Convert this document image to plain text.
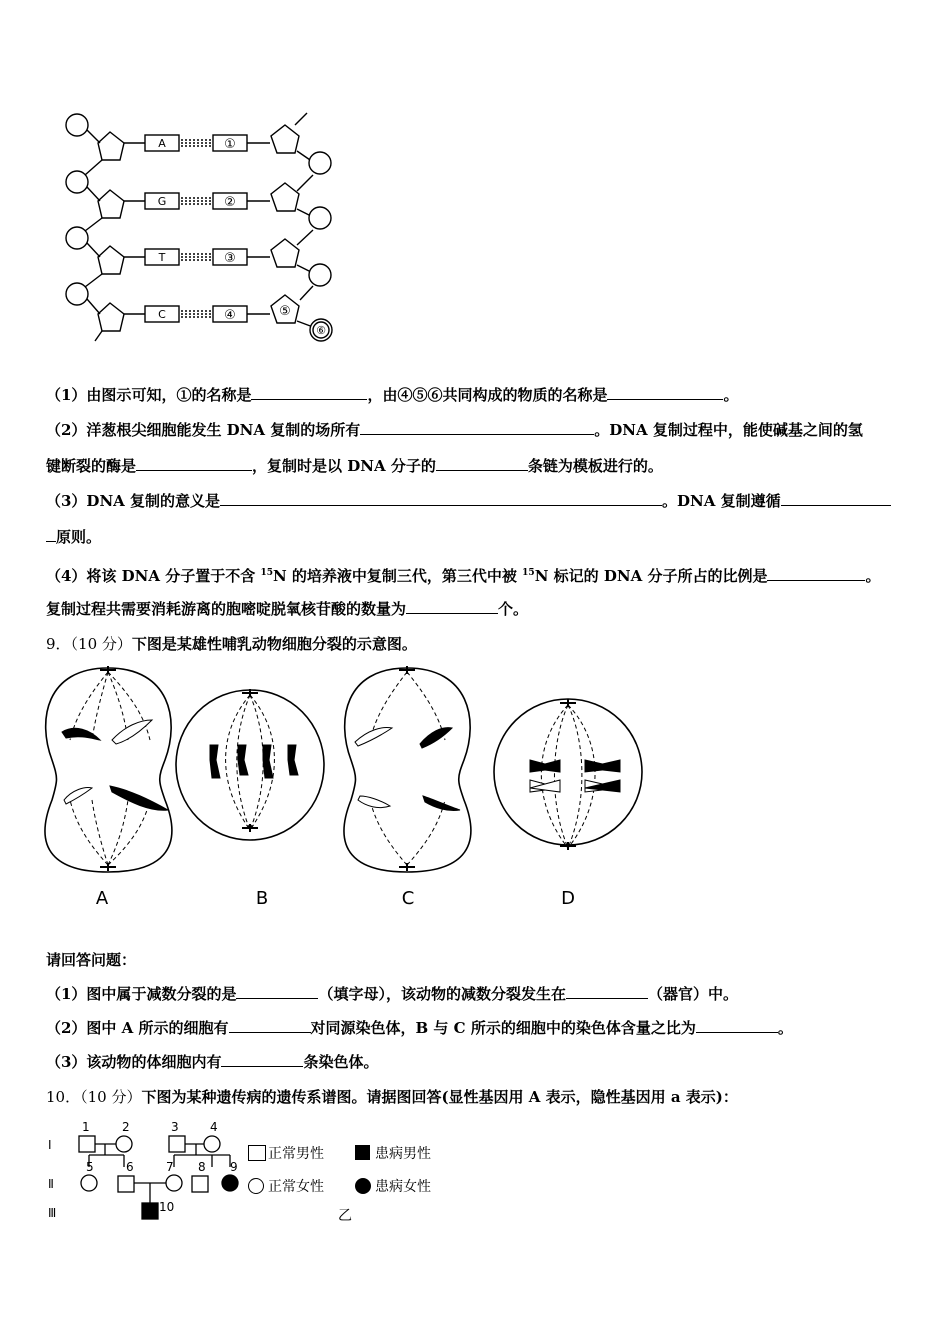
A
G
T
C
①
②
③
④	⑤
⑥
（1）由图示可知，①的名称是	，由④⑤⑥共同构成的物质的名称是	。
（2）洋葱根尖细胞能发生 DNA 复制的场所有	。DNA 复制过程中，能使碱基之间的氢
键断裂的酶是	，复制时是以 DNA 分子的	条链为模板进行的。
（3）DNA 复制的意义是	。DNA 复制遵循
原则。
（4）将该 DNA 分子置于不含 $^{15}$N 的培养液中复制三代，第三代中被 $^{15}$N 标记的 DNA 分子所占的比例是	。
复制过程共需要消耗游离的胞嘧啶脱氧核苷酸的数量为	个。
9．（10 分）下图是某雄性哺乳动物细胞分裂的示意图。
A	B	C	D
请回答问题：
（1）图中属于减数分裂的是	（填字母），该动物的减数分裂发生在	（器官）中。
（2）图中 A 所示的细胞有	对同源染色体，B 与 C 所示的细胞中的染色体含量之比为	。
（3）该动物的体细胞内有	条染色体。
10．（10 分）下图为某种遗传病的遗传系谱图。请据图回答(显性基因用 A 表示，隐性基因用 a 表示)：
Ⅰ
Ⅱ
Ⅲ
1	2	3	4
5	6	7 8 9
10
正常男性	患病男性
正常女性	患病女性
乙
